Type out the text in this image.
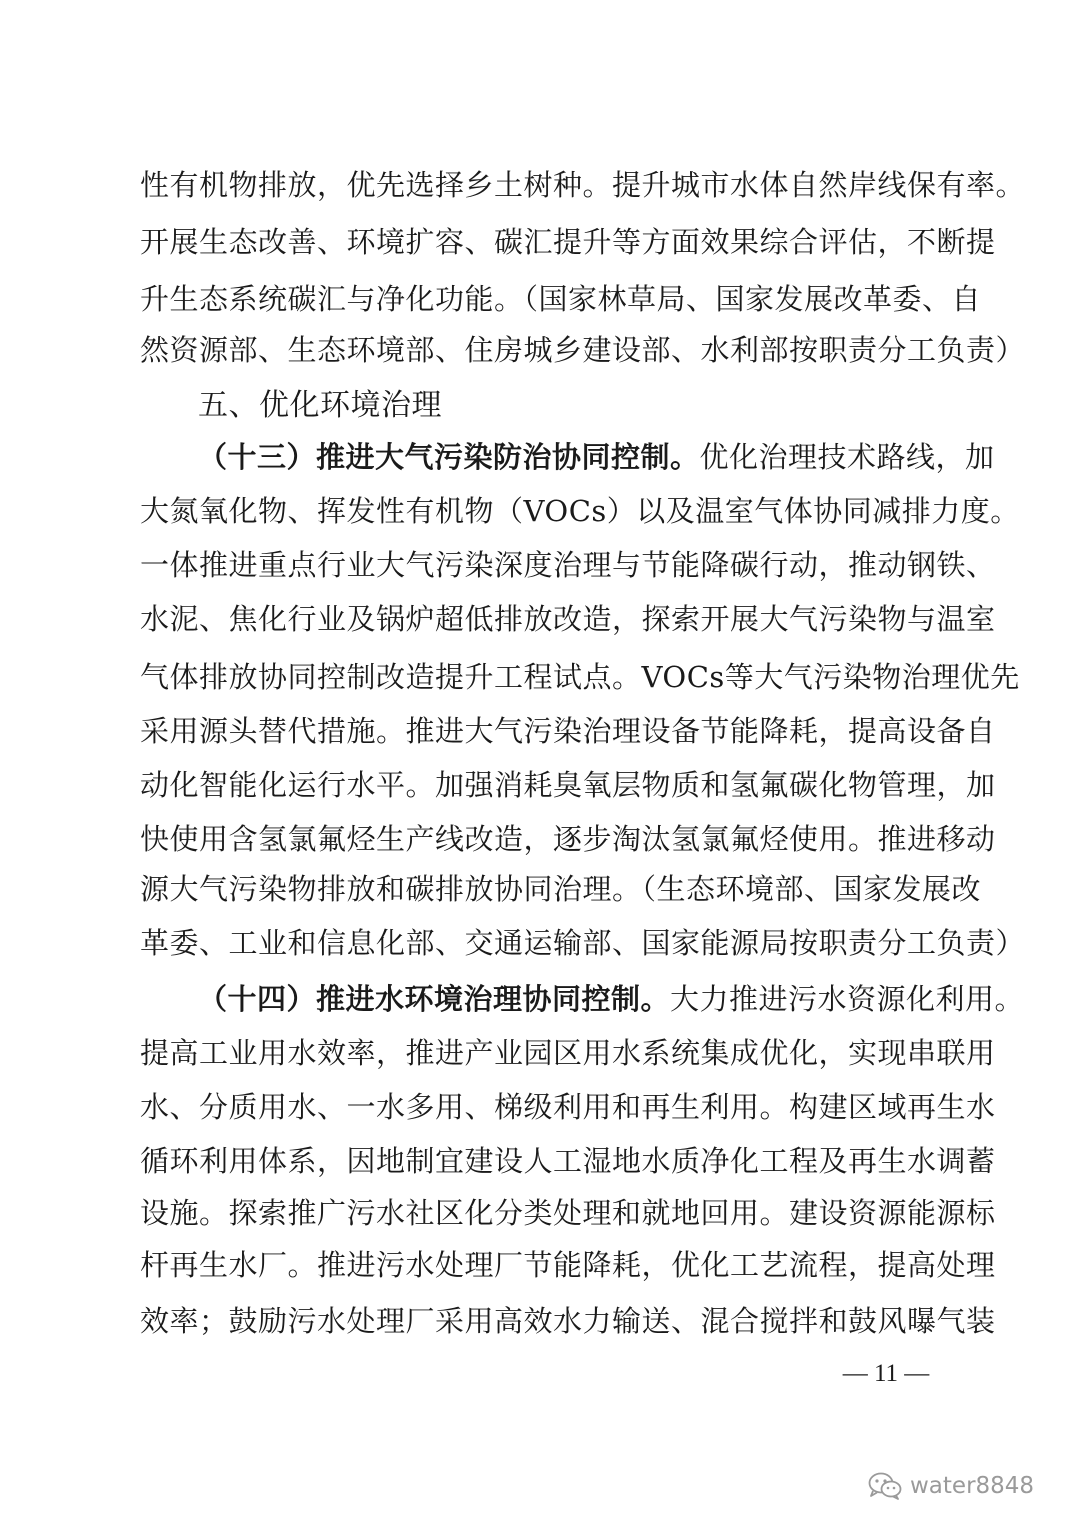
性有机物排放，优先选择乡土树种。提升城市水体自然岸线保有率。
开展生态改善、环境扩容、碳汇提升等方面效果综合评估，不断提
升生态系统碳汇与净化功能。（国家林草局、国家发展改革委、自
然资源部、生态环境部、住房城乡建设部、水利部按职责分工负责）
五、优化环境治理
（十三）推进大气污染防治协同控制。优化治理技术路线，加
大氮氧化物、挥发性有机物（VOCs）以及温室气体协同减排力度。
一体推进重点行业大气污染深度治理与节能降碳行动，推动钢铁、
水泥、焦化行业及锅炉超低排放改造，探索开展大气污染物与温室
气体排放协同控制改造提升工程试点。VOCs等大气污染物治理优先
采用源头替代措施。推进大气污染治理设备节能降耗，提高设备自
动化智能化运行水平。加强消耗臭氧层物质和氢氟碳化物管理，加
快使用含氢氯氟烃生产线改造，逐步淘汰氢氯氟烃使用。推进移动
源大气污染物排放和碳排放协同治理。（生态环境部、国家发展改
革委、工业和信息化部、交通运输部、国家能源局按职责分工负责）
（十四）推进水环境治理协同控制。大力推进污水资源化利用。
提高工业用水效率，推进产业园区用水系统集成优化，实现串联用
水、分质用水、一水多用、梯级利用和再生利用。构建区域再生水
循环利用体系，因地制宜建设人工湿地水质净化工程及再生水调蓄
设施。探索推广污水社区化分类处理和就地回用。建设资源能源标
杆再生水厂。推进污水处理厂节能降耗，优化工艺流程，提高处理
效率；鼓励污水处理厂采用高效水力输送、混合搅拌和鼓风曝气装
— 11 —
water8848
